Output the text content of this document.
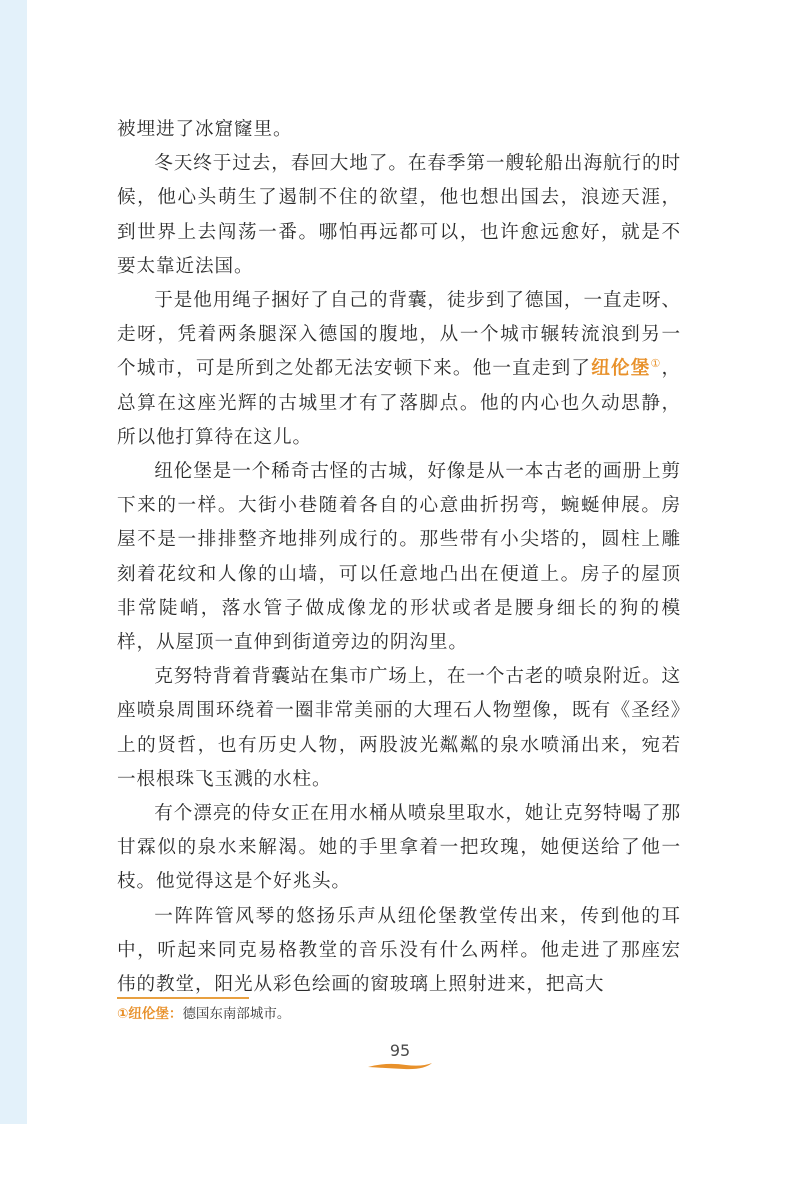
被埋进了冰窟窿里。

冬天终于过去，春回大地了。在春季第一艘轮船出海航行的时候，他心头萌生了遏制不住的欲望，他也想出国去，浪迹天涯，到世界上去闯荡一番。哪怕再远都可以，也许愈远愈好，就是不要太靠近法国。

于是他用绳子捆好了自己的背囊，徒步到了德国，一直走呀、走呀，凭着两条腿深入德国的腹地，从一个城市辗转流浪到另一个城市，可是所到之处都无法安顿下来。他一直走到了纽伦堡①，总算在这座光辉的古城里才有了落脚点。他的内心也久动思静，所以他打算待在这儿。

纽伦堡是一个稀奇古怪的古城，好像是从一本古老的画册上剪下来的一样。大街小巷随着各自的心意曲折拐弯，蜿蜒伸展。房屋不是一排排整齐地排列成行的。那些带有小尖塔的，圆柱上雕刻着花纹和人像的山墙，可以任意地凸出在便道上。房子的屋顶非常陡峭，落水管子做成像龙的形状或者是腰身细长的狗的模样，从屋顶一直伸到街道旁边的阴沟里。

克努特背着背囊站在集市广场上，在一个古老的喷泉附近。这座喷泉周围环绕着一圈非常美丽的大理石人物塑像，既有《圣经》上的贤哲，也有历史人物，两股波光粼粼的泉水喷涌出来，宛若一根根珠飞玉溅的水柱。

有个漂亮的侍女正在用水桶从喷泉里取水，她让克努特喝了那甘霖似的泉水来解渴。她的手里拿着一把玫瑰，她便送给了他一枝。他觉得这是个好兆头。

一阵阵管风琴的悠扬乐声从纽伦堡教堂传出来，传到他的耳中，听起来同克易格教堂的音乐没有什么两样。他走进了那座宏伟的教堂，阳光从彩色绘画的窗玻璃上照射进来，把高大

①纽伦堡：德国东南部城市。
95
